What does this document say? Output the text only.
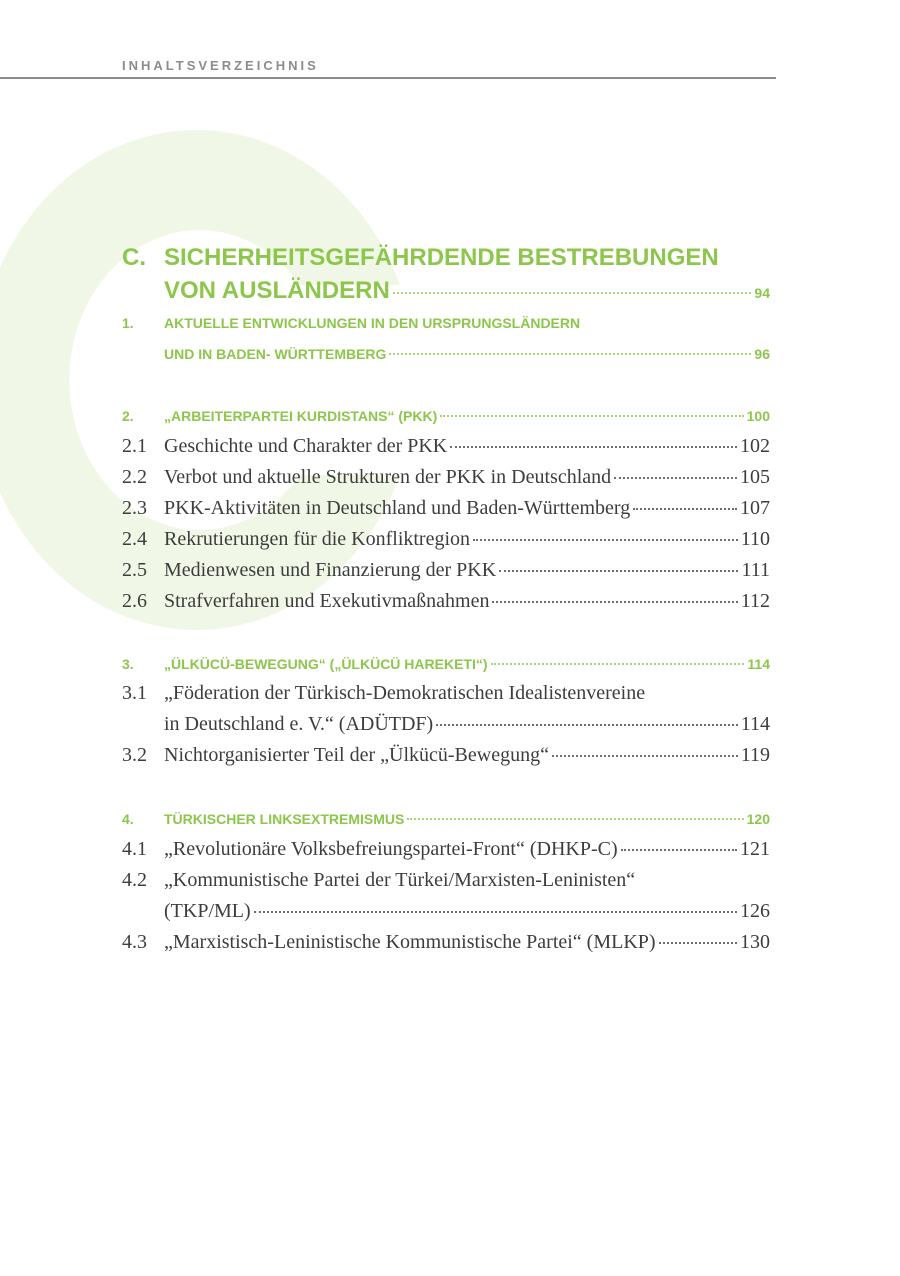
INHALTSVERZEICHNIS
C. SICHERHEITSGEFÄHRDENDE BESTREBUNGEN
VON AUSLÄNDERN	94
1.	AKTUELLE ENTWICKLUNGEN IN DEN URSPRUNGSLÄNDERN
UND IN BADEN- WÜRTTEMBERG	96
2.	„ARBEITERPARTEI KURDISTANS“ (PKK)	100
2.1 Geschichte und Charakter der PKK	102
2.2 Verbot und aktuelle Strukturen der PKK in Deutschland	105
2.3 PKK-Aktivitäten in Deutschland und Baden-Württemberg	107
2.4 Rekrutierungen für die Konfliktregion	110
2.5 Medienwesen und Finanzierung der PKK	111
2.6 Strafverfahren und Exekutivmaßnahmen	112
3.	„ÜLKÜCÜ-BEWEGUNG“ („ÜLKÜCÜ HAREKETI“)	114
3.1 „Föderation der Türkisch-Demokratischen Idealistenvereine
in Deutschland e. V.“ (ADÜTDF)	114
3.2 Nichtorganisierter Teil der „Ülkücü-Bewegung“	119
4.	TÜRKISCHER LINKSEXTREMISMUS	120
4.1 „Revolutionäre Volksbefreiungspartei-Front“ (DHKP-C)	121
4.2 „Kommunistische Partei der Türkei/Marxisten-Leninisten“
(TKP/ML)	126
4.3 „Marxistisch-Leninistische Kommunistische Partei“ (MLKP)	130
